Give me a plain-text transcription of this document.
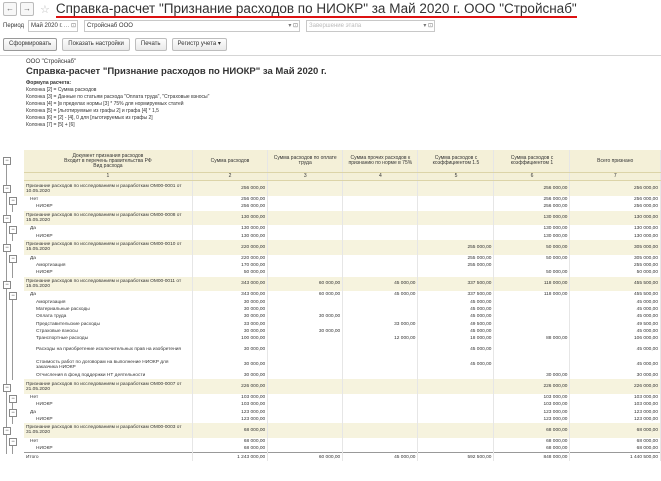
←	→ ☆ Справка-расчет "Признание расходов по НИОКР" за Май 2020 г. ООО "Стройснаб"
Период	Май 2020 г. … ⊡	Стройснаб ООО	▾ ⊡	Завершение этапа	▾ ⊡
Сформировать	Показать настройки	Печать	Регистр учета ▾
ООО "Стройснаб"
Справка-расчет "Признание расходов по НИОКР" за Май 2020 г.
Формула расчета:
Колонка [2] = Сумма расходов
Колонка [3] = Данные по статьям расхода "Оплата труда", "Страховые взносы"
Колонка [4] = [в пределах нормы [3] * 75% для нормируемых статей
Колонка [5] = [льготируемые из графы 2] и графа [4] * 1,5
Колонка [6] = [2] - [4], 0 для [льготируемых из графы 2]
Колонка [7] = [5] + [6]
−
−
−
−
−
−
−
−
−
−
−
−
−
−
Документ признания расходов
Входит в перечень правительства РФ
Вид расхода	Сумма расходов	Сумма расходов по оплате труда	Сумма прочих расходов к признанию по норме в 75%	Сумма расходов с коэффициентом 1.5	Сумма расходов с коэффициентом 1	Всего признано
1	2	3	4	5	6	7
Признание расходов по исследованиям и разработкам ОМ00-0001 от 10.05.2020	256 000,00				256 000,00	256 000,00
Нет	256 000,00				256 000,00	256 000,00
НИОКР	256 000,00				256 000,00	256 000,00
Признание расходов по исследованиям и разработкам ОМ00-0008 от 15.05.2020	130 000,00				130 000,00	130 000,00
Да	130 000,00				130 000,00	130 000,00
НИОКР	130 000,00				130 000,00	130 000,00
Признание расходов по исследованиям и разработкам ОМ00-0010 от 15.05.2020	220 000,00			255 000,00	50 000,00	305 000,00
Да	220 000,00			255 000,00	50 000,00	305 000,00
Амортизация	170 000,00			255 000,00		255 000,00
НИОКР	50 000,00				50 000,00	50 000,00
Признание расходов по исследованиям и разработкам ОМ00-0011 от 15.05.2020	343 000,00	60 000,00	45 000,00	337 500,00	118 000,00	455 500,00
Да	343 000,00	60 000,00	45 000,00	337 500,00	118 000,00	455 500,00
Амортизация	30 000,00			45 000,00		45 000,00
Материальные расходы	30 000,00			45 000,00		45 000,00
Оплата труда	30 000,00	30 000,00		45 000,00		45 000,00
Представительские расходы	33 000,00		33 000,00	49 500,00		49 500,00
Страховые взносы	30 000,00	30 000,00		45 000,00		45 000,00
Транспортные расходы	100 000,00		12 000,00	18 000,00	88 000,00	106 000,00
Расходы на приобретение исключительных прав на изобретения	30 000,00			45 000,00		45 000,00
Стоимость работ по договорам на выполнение НИОКР для заказчика НИОКР	30 000,00			45 000,00		45 000,00
Отчисления в фонд поддержки НТ деятельности	30 000,00				30 000,00	30 000,00
Признание расходов по исследованиям и разработкам ОМ00-0007 от 21.05.2020	226 000,00				226 000,00	226 000,00
Нет	103 000,00				103 000,00	103 000,00
НИОКР	103 000,00				103 000,00	103 000,00
Да	123 000,00				123 000,00	123 000,00
НИОКР	123 000,00				123 000,00	123 000,00
Признание расходов по исследованиям и разработкам ОМ00-0003 от 31.05.2020	68 000,00				68 000,00	68 000,00
Нет	68 000,00				68 000,00	68 000,00
НИОКР	68 000,00				68 000,00	68 000,00
Итого	1 243 000,00	60 000,00	45 000,00	592 500,00	848 000,00	1 440 500,00
